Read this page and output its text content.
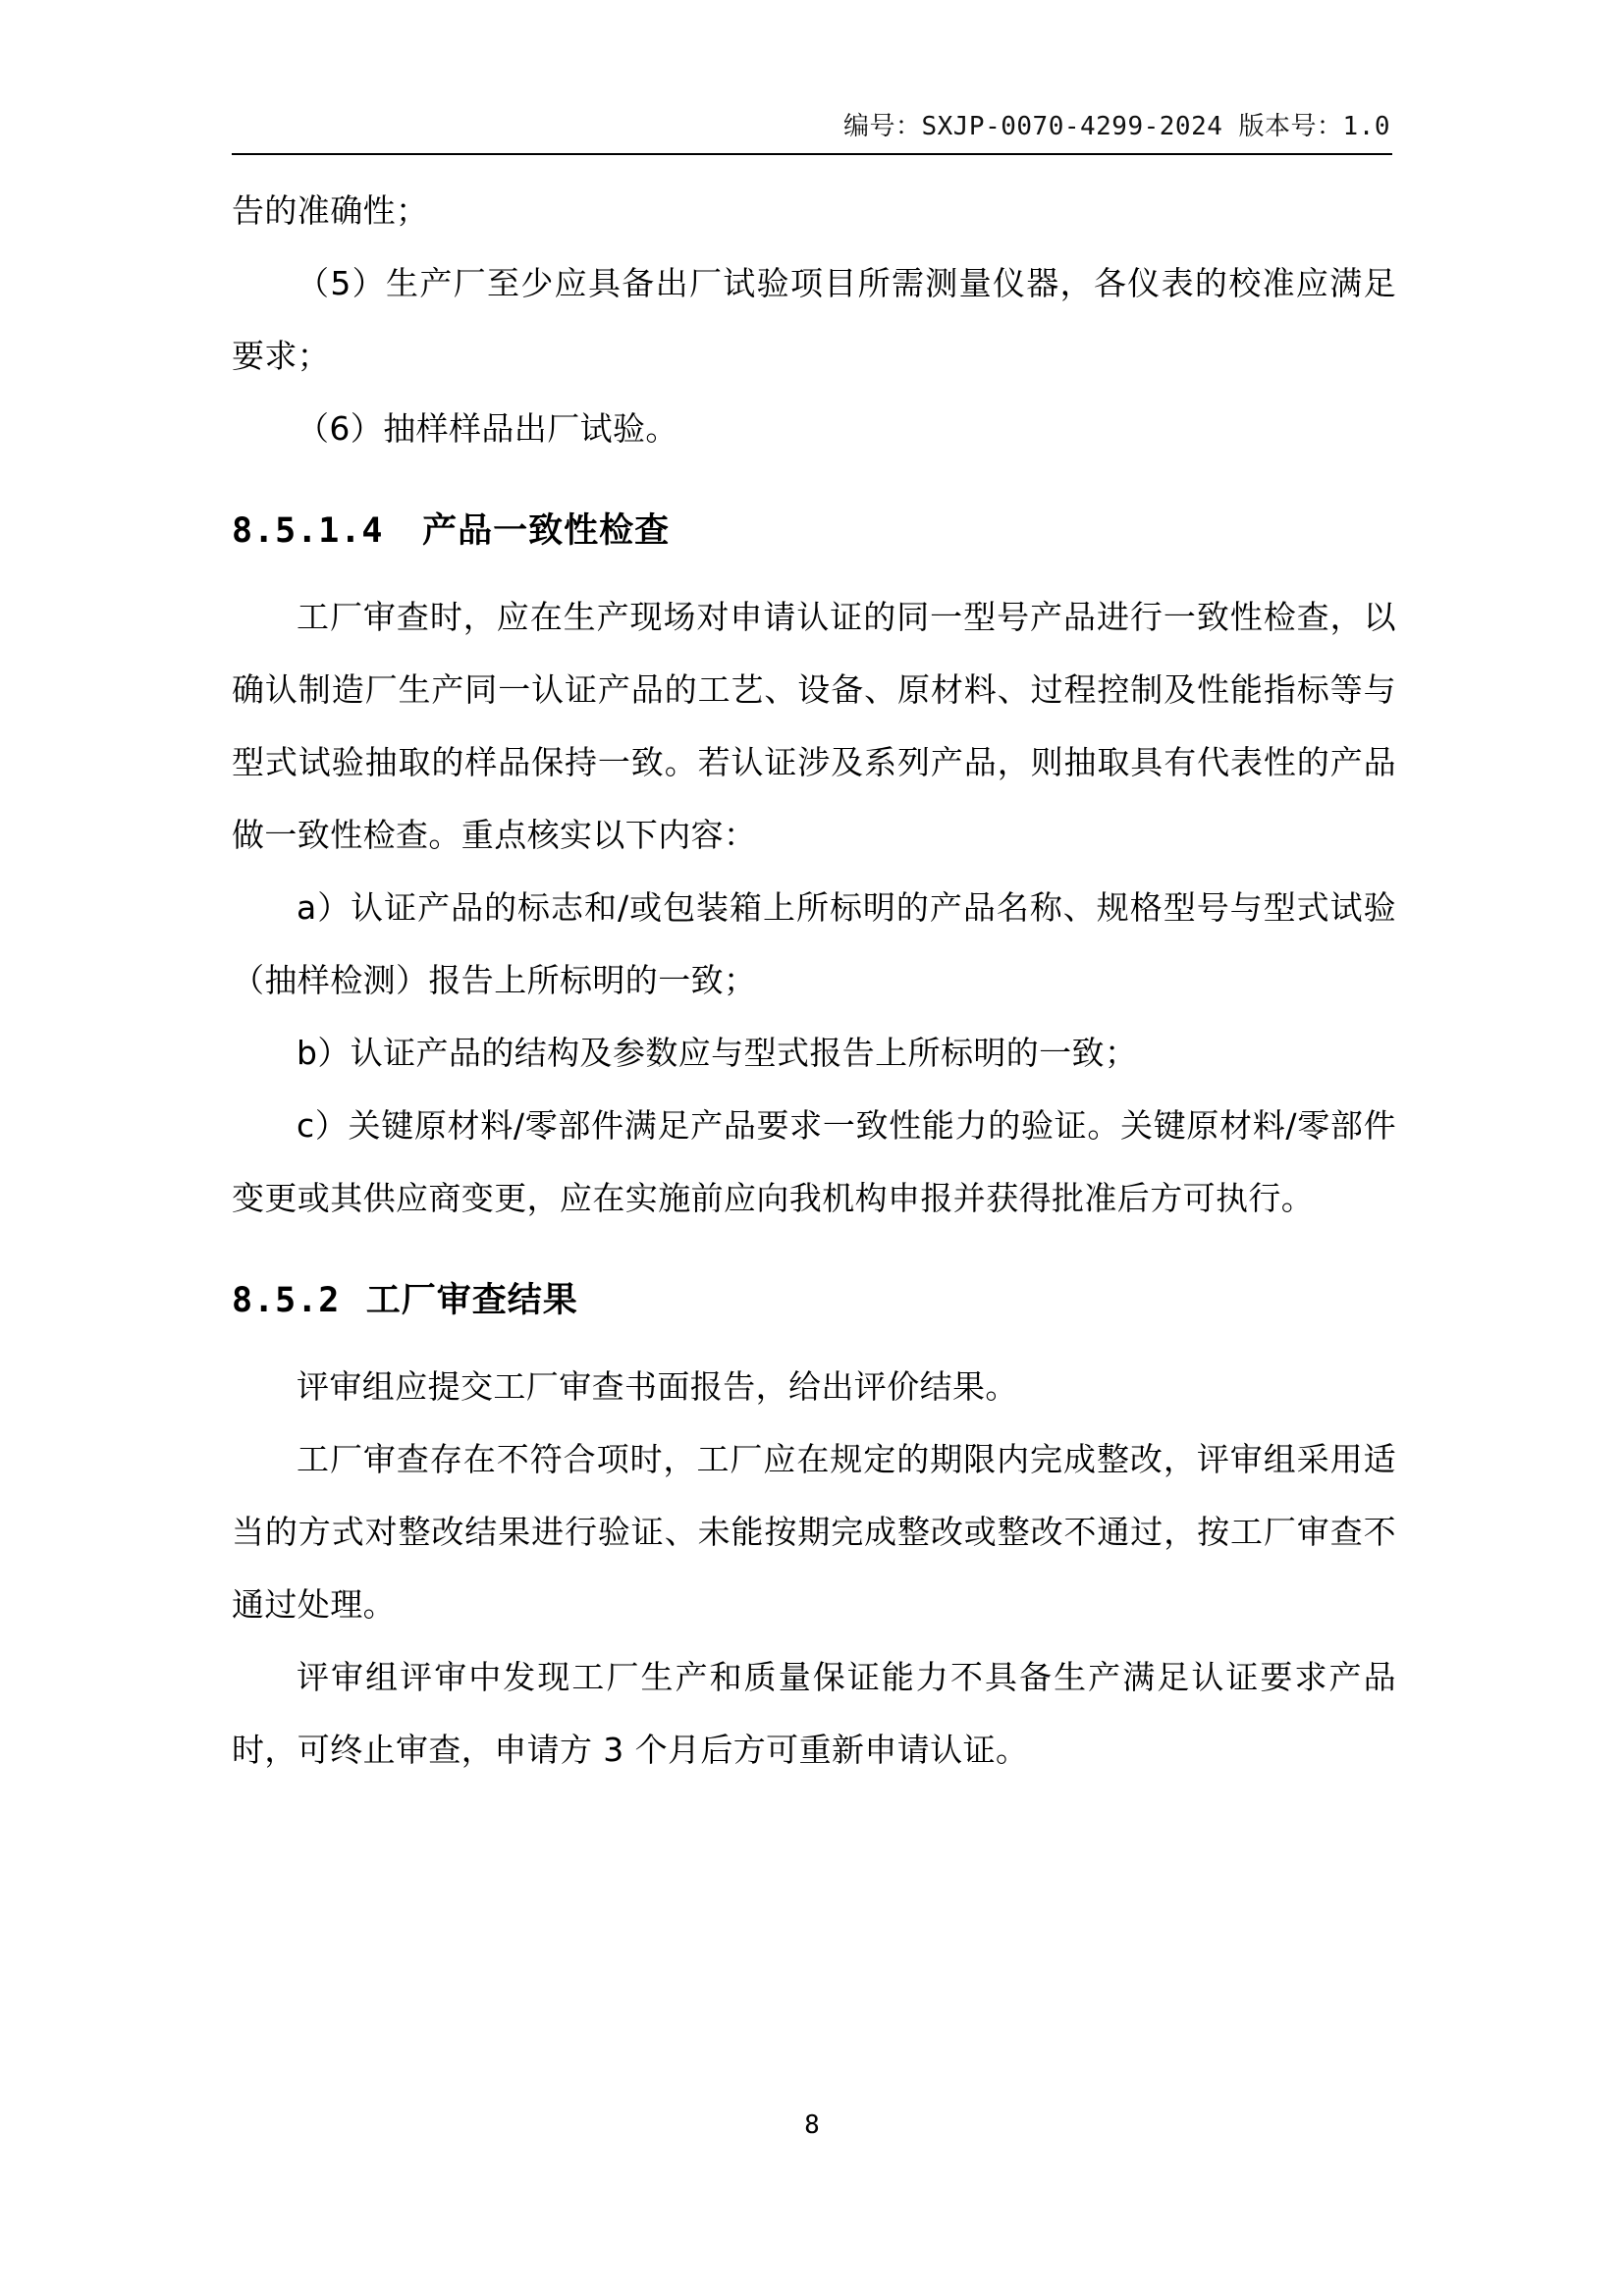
编号：SXJP-0070-4299-2024 版本号：1.0

告的准确性；

（5）生产厂至少应具备出厂试验项目所需测量仪器，各仪表的校准应满足要求；

（6）抽样样品出厂试验。

8.5.1.4 产品一致性检查

工厂审查时，应在生产现场对申请认证的同一型号产品进行一致性检查，以确认制造厂生产同一认证产品的工艺、设备、原材料、过程控制及性能指标等与型式试验抽取的样品保持一致。若认证涉及系列产品，则抽取具有代表性的产品做一致性检查。重点核实以下内容：

a）认证产品的标志和/或包装箱上所标明的产品名称、规格型号与型式试验（抽样检测）报告上所标明的一致；

b）认证产品的结构及参数应与型式报告上所标明的一致；

c）关键原材料/零部件满足产品要求一致性能力的验证。关键原材料/零部件变更或其供应商变更，应在实施前应向我机构申报并获得批准后方可执行。

8.5.2 工厂审查结果

评审组应提交工厂审查书面报告，给出评价结果。

工厂审查存在不符合项时，工厂应在规定的期限内完成整改，评审组采用适当的方式对整改结果进行验证、未能按期完成整改或整改不通过，按工厂审查不通过处理。

评审组评审中发现工厂生产和质量保证能力不具备生产满足认证要求产品时，可终止审查，申请方 3 个月后方可重新申请认证。

8
